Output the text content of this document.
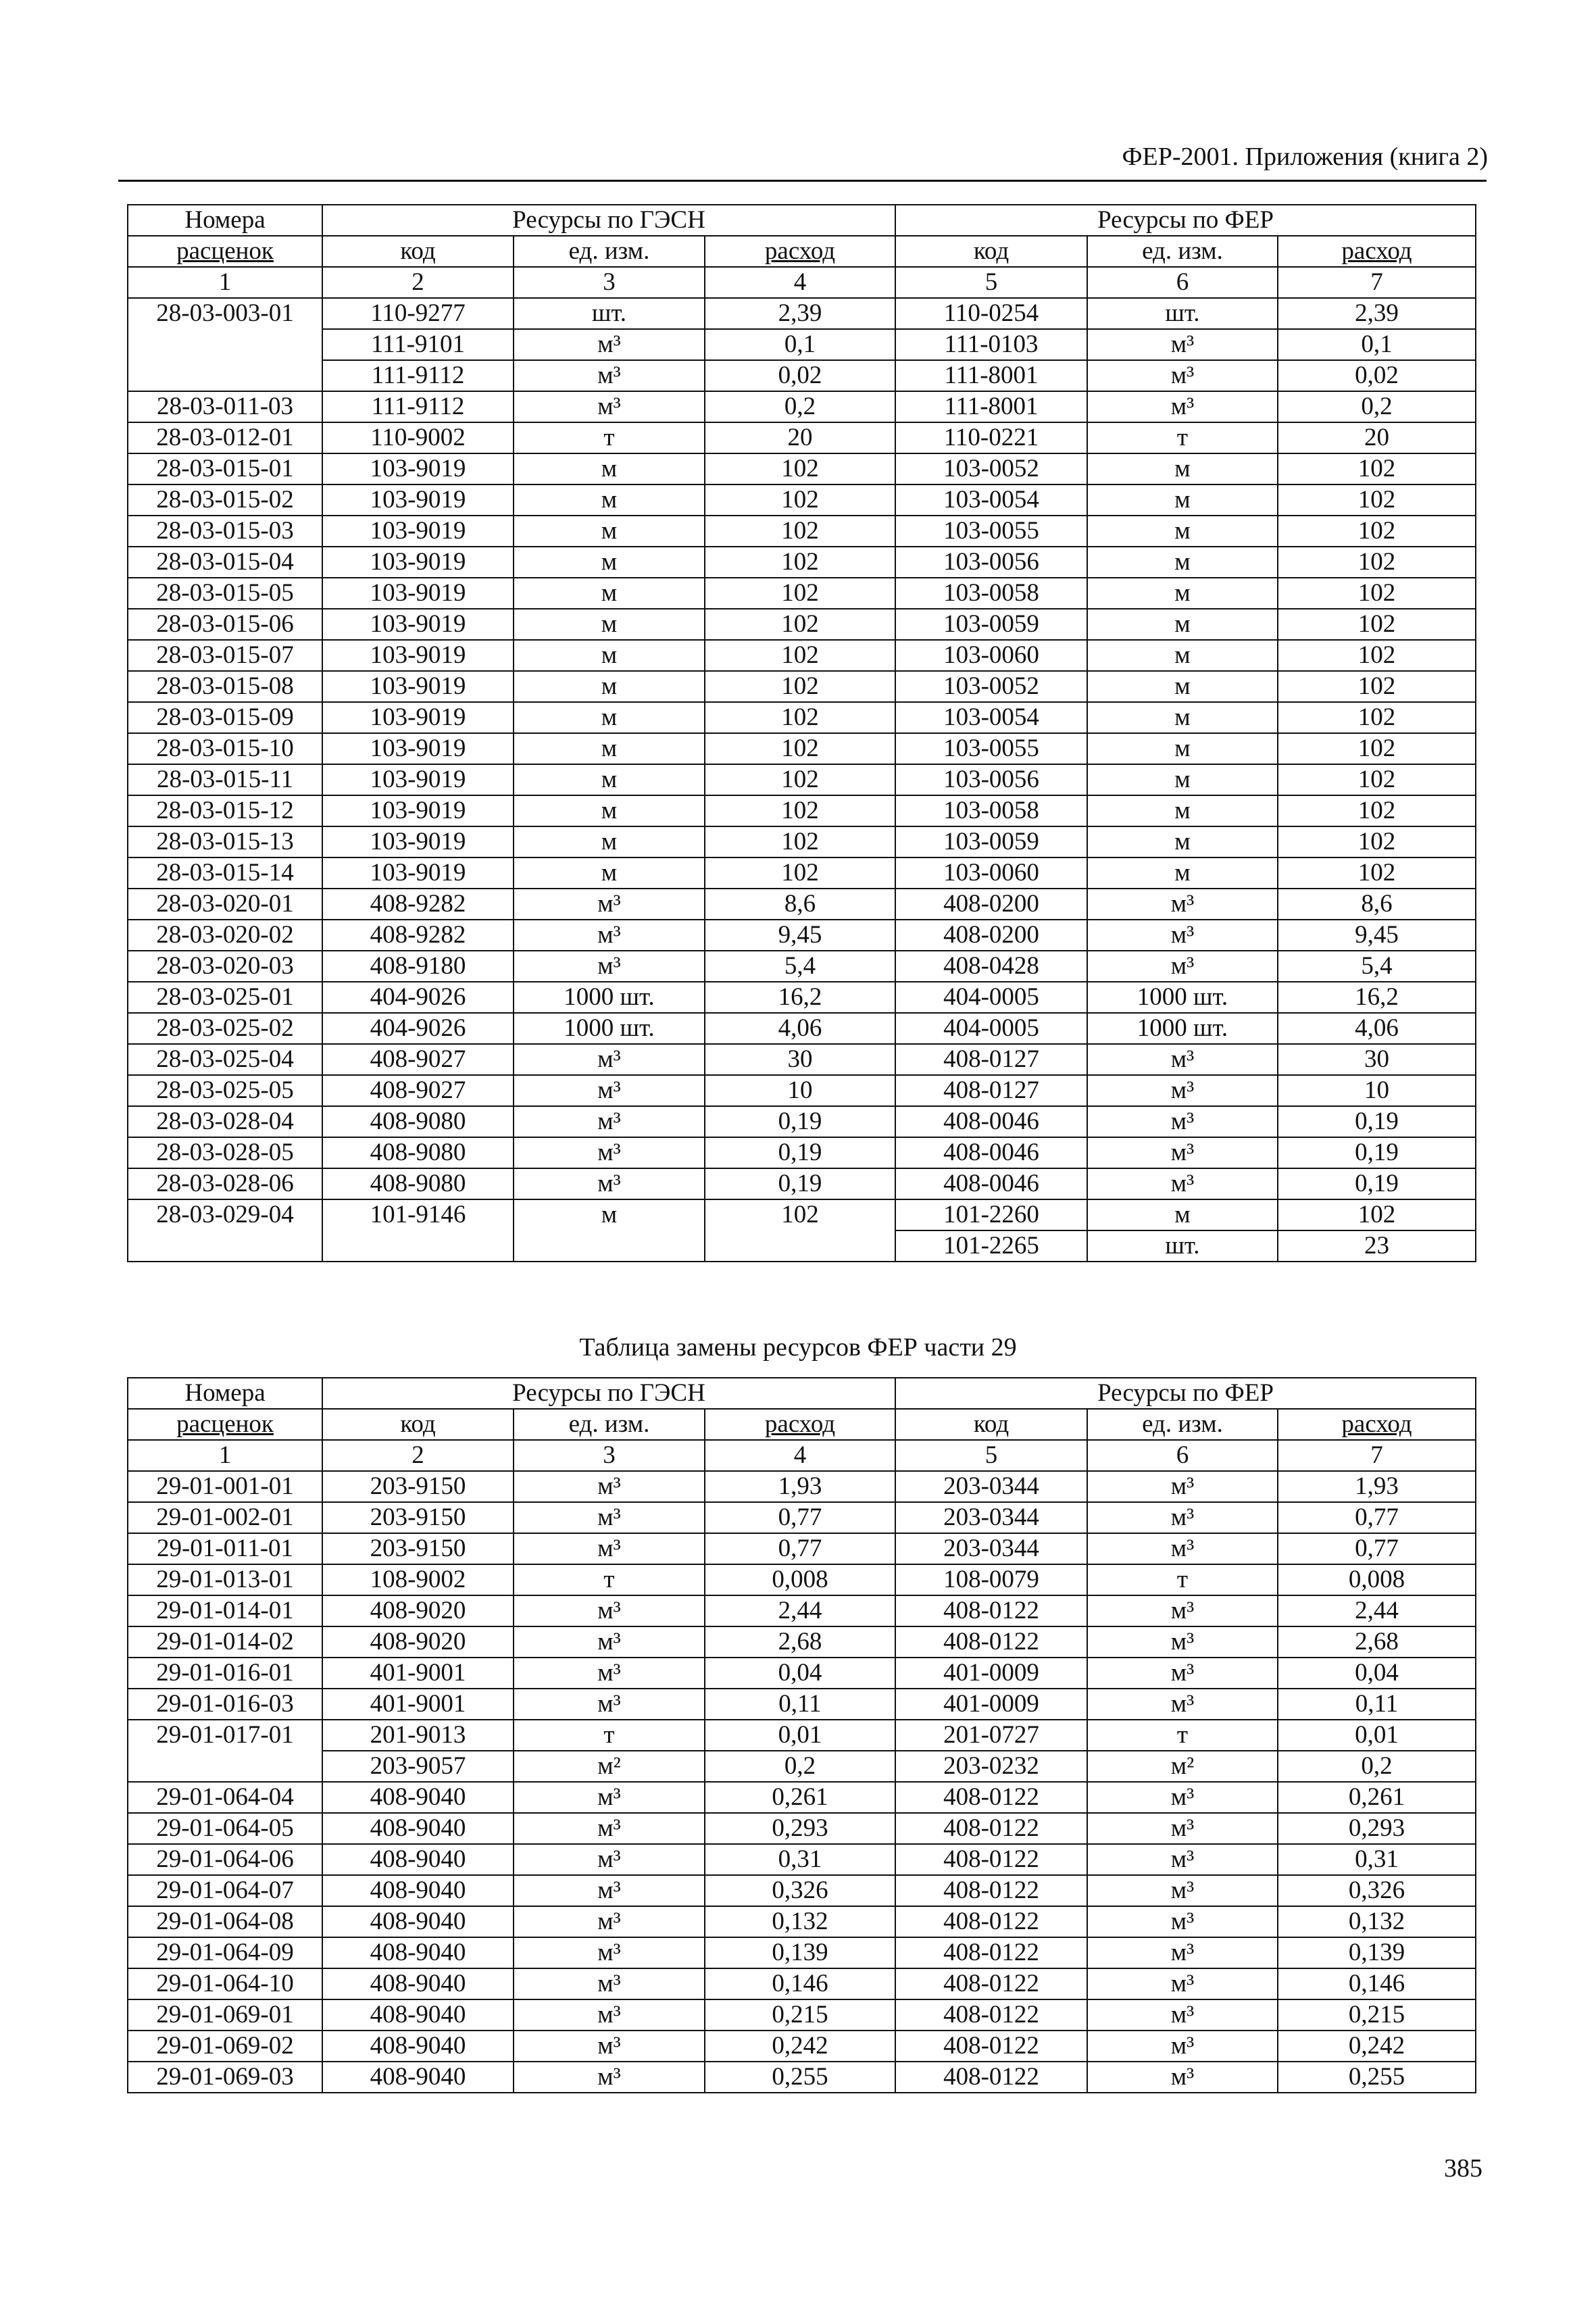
ФЕР-2001. Приложения (книга 2)
Номера	Ресурсы по ГЭСН			Ресурсы по ФЕР		
расценок	код	ед. изм.	расход	код	ед. изм.	расход
1	2	3	4	5	6	7
28-03-003-01	110-9277	шт.	2,39	110-0254	шт.	2,39
	111-9101	м³	0,1	111-0103	м³	0,1
	111-9112	м³	0,02	111-8001	м³	0,02
28-03-011-03	111-9112	м³	0,2	111-8001	м³	0,2
28-03-012-01	110-9002	т	20	110-0221	т	20
28-03-015-01	103-9019	м	102	103-0052	м	102
28-03-015-02	103-9019	м	102	103-0054	м	102
28-03-015-03	103-9019	м	102	103-0055	м	102
28-03-015-04	103-9019	м	102	103-0056	м	102
28-03-015-05	103-9019	м	102	103-0058	м	102
28-03-015-06	103-9019	м	102	103-0059	м	102
28-03-015-07	103-9019	м	102	103-0060	м	102
28-03-015-08	103-9019	м	102	103-0052	м	102
28-03-015-09	103-9019	м	102	103-0054	м	102
28-03-015-10	103-9019	м	102	103-0055	м	102
28-03-015-11	103-9019	м	102	103-0056	м	102
28-03-015-12	103-9019	м	102	103-0058	м	102
28-03-015-13	103-9019	м	102	103-0059	м	102
28-03-015-14	103-9019	м	102	103-0060	м	102
28-03-020-01	408-9282	м³	8,6	408-0200	м³	8,6
28-03-020-02	408-9282	м³	9,45	408-0200	м³	9,45
28-03-020-03	408-9180	м³	5,4	408-0428	м³	5,4
28-03-025-01	404-9026	1000 шт.	16,2	404-0005	1000 шт.	16,2
28-03-025-02	404-9026	1000 шт.	4,06	404-0005	1000 шт.	4,06
28-03-025-04	408-9027	м³	30	408-0127	м³	30
28-03-025-05	408-9027	м³	10	408-0127	м³	10
28-03-028-04	408-9080	м³	0,19	408-0046	м³	0,19
28-03-028-05	408-9080	м³	0,19	408-0046	м³	0,19
28-03-028-06	408-9080	м³	0,19	408-0046	м³	0,19
28-03-029-04	101-9146	м	102	101-2260	м	102
				101-2265	шт.	23
Таблица замены ресурсов ФЕР части 29
Номера	Ресурсы по ГЭСН			Ресурсы по ФЕР		
расценок	код	ед. изм.	расход	код	ед. изм.	расход
1	2	3	4	5	6	7
29-01-001-01	203-9150	м³	1,93	203-0344	м³	1,93
29-01-002-01	203-9150	м³	0,77	203-0344	м³	0,77
29-01-011-01	203-9150	м³	0,77	203-0344	м³	0,77
29-01-013-01	108-9002	т	0,008	108-0079	т	0,008
29-01-014-01	408-9020	м³	2,44	408-0122	м³	2,44
29-01-014-02	408-9020	м³	2,68	408-0122	м³	2,68
29-01-016-01	401-9001	м³	0,04	401-0009	м³	0,04
29-01-016-03	401-9001	м³	0,11	401-0009	м³	0,11
29-01-017-01	201-9013	т	0,01	201-0727	т	0,01
	203-9057	м²	0,2	203-0232	м²	0,2
29-01-064-04	408-9040	м³	0,261	408-0122	м³	0,261
29-01-064-05	408-9040	м³	0,293	408-0122	м³	0,293
29-01-064-06	408-9040	м³	0,31	408-0122	м³	0,31
29-01-064-07	408-9040	м³	0,326	408-0122	м³	0,326
29-01-064-08	408-9040	м³	0,132	408-0122	м³	0,132
29-01-064-09	408-9040	м³	0,139	408-0122	м³	0,139
29-01-064-10	408-9040	м³	0,146	408-0122	м³	0,146
29-01-069-01	408-9040	м³	0,215	408-0122	м³	0,215
29-01-069-02	408-9040	м³	0,242	408-0122	м³	0,242
29-01-069-03	408-9040	м³	0,255	408-0122	м³	0,255
385
